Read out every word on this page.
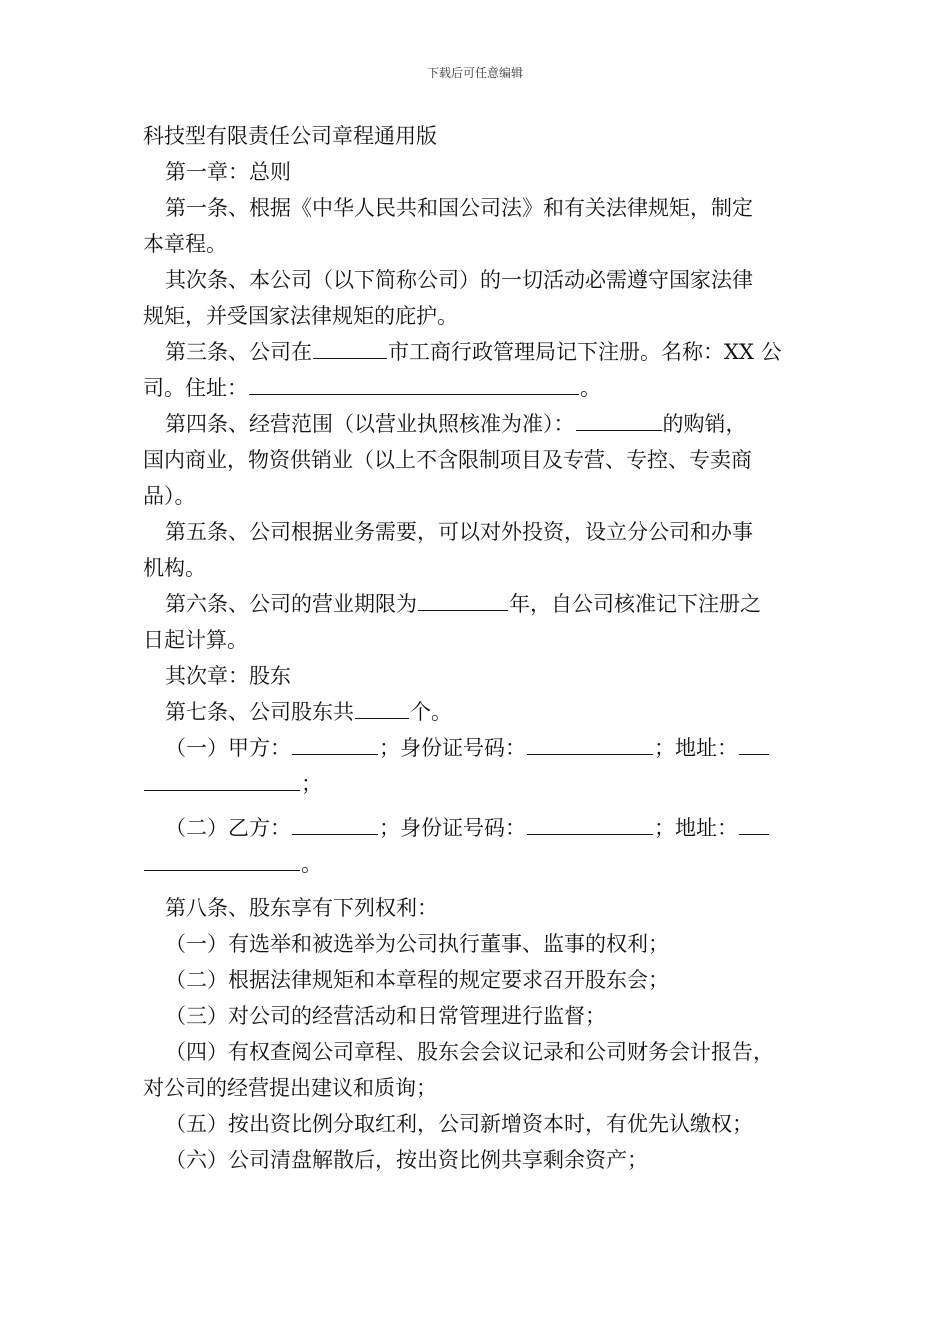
下载后可任意编辑
科技型有限责任公司章程通用版
第一章：总则
第一条、根据《中华人民共和国公司法》和有关法律规矩，制定
本章程。
其次条、本公司（以下简称公司）的一切活动必需遵守国家法律
规矩，并受国家法律规矩的庇护。
第三条、公司在	市工商行政管理局记下注册。名称：XX 公
司。住址：	。
第四条、经营范围（以营业执照核准为准）：	的购销，
国内商业，物资供销业（以上不含限制项目及专营、专控、专卖商
品）。
第五条、公司根据业务需要，可以对外投资，设立分公司和办事
机构。
第六条、公司的营业期限为	年，自公司核准记下注册之
日起计算。
其次章：股东
第七条、公司股东共	个。
（一）甲方：	；身份证号码：	；地址：
；
（二）乙方：	；身份证号码：	；地址：
。
第八条、股东享有下列权利：
（一）有选举和被选举为公司执行董事、监事的权利；
（二）根据法律规矩和本章程的规定要求召开股东会；
（三）对公司的经营活动和日常管理进行监督；
（四）有权查阅公司章程、股东会会议记录和公司财务会计报告，
对公司的经营提出建议和质询；
（五）按出资比例分取红利，公司新增资本时，有优先认缴权；
（六）公司清盘解散后，按出资比例共享剩余资产；
